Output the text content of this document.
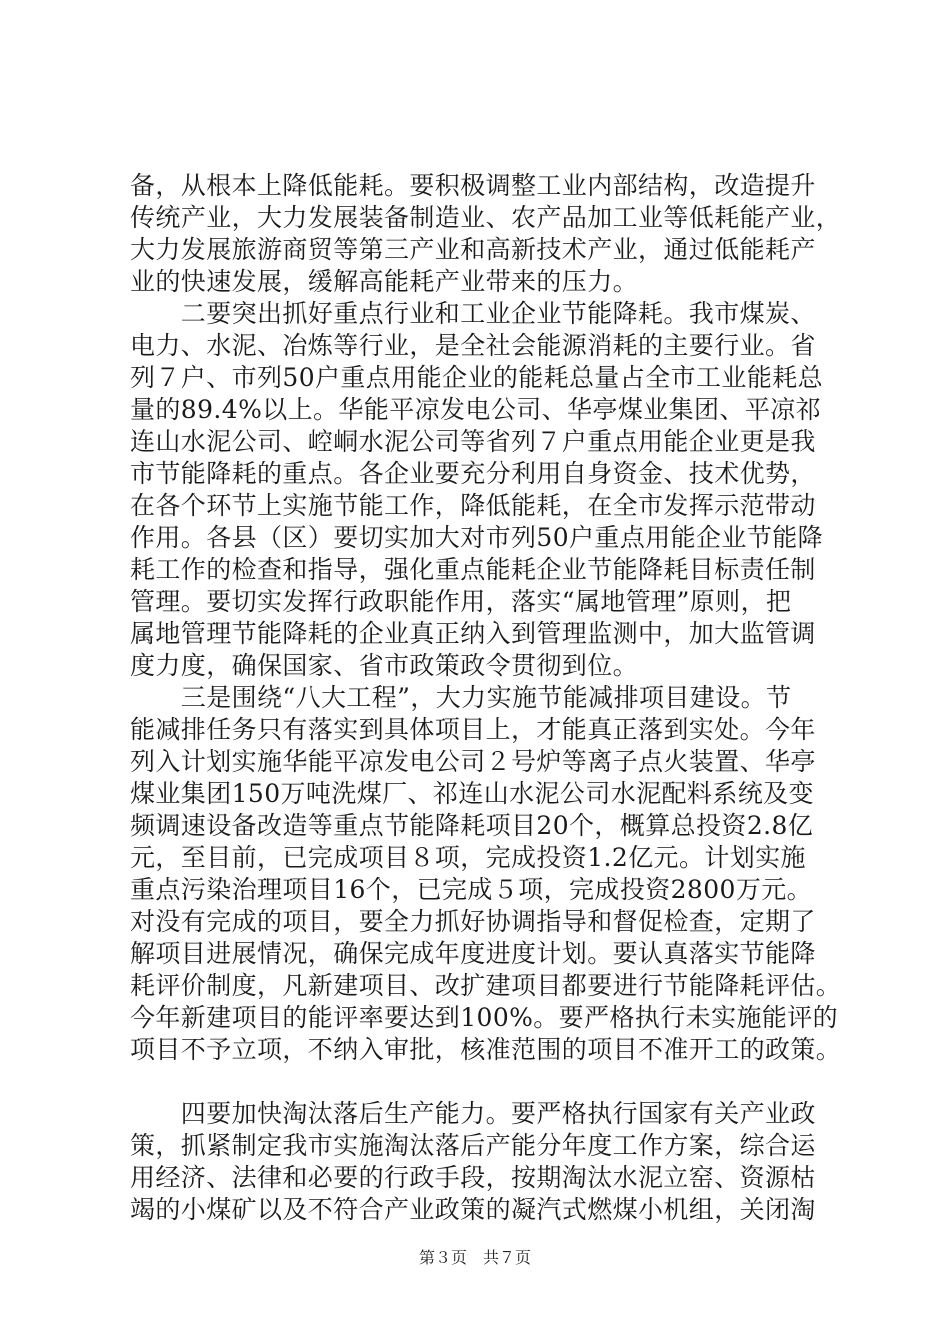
备，从根本上降低能耗。要积极调整工业内部结构，改造提升
传统产业，大力发展装备制造业、农产品加工业等低耗能产业，
大力发展旅游商贸等第三产业和高新技术产业，通过低能耗产
业的快速发展，缓解高能耗产业带来的压力。
　　二要突出抓好重点行业和工业企业节能降耗。我市煤炭、
电力、水泥、冶炼等行业，是全社会能源消耗的主要行业。省
列７户、市列50户重点用能企业的能耗总量占全市工业能耗总
量的89.4%以上。华能平凉发电公司、华亭煤业集团、平凉祁
连山水泥公司、崆峒水泥公司等省列７户重点用能企业更是我
市节能降耗的重点。各企业要充分利用自身资金、技术优势，
在各个环节上实施节能工作，降低能耗，在全市发挥示范带动
作用。各县（区）要切实加大对市列50户重点用能企业节能降
耗工作的检查和指导，强化重点能耗企业节能降耗目标责任制
管理。要切实发挥行政职能作用，落实“属地管理”原则，把
属地管理节能降耗的企业真正纳入到管理监测中，加大监管调
度力度，确保国家、省市政策政令贯彻到位。
　　三是围绕“八大工程”，大力实施节能减排项目建设。节
能减排任务只有落实到具体项目上，才能真正落到实处。今年
列入计划实施华能平凉发电公司２号炉等离子点火装置、华亭
煤业集团150万吨洗煤厂、祁连山水泥公司水泥配料系统及变
频调速设备改造等重点节能降耗项目20个，概算总投资2.8亿
元，至目前，已完成项目８项，完成投资1.2亿元。计划实施
重点污染治理项目16个，已完成５项，完成投资2800万元。
对没有完成的项目，要全力抓好协调指导和督促检查，定期了
解项目进展情况，确保完成年度进度计划。要认真落实节能降
耗评价制度，凡新建项目、改扩建项目都要进行节能降耗评估。
今年新建项目的能评率要达到100%。要严格执行未实施能评的
项目不予立项，不纳入审批，核准范围的项目不准开工的政策。
　　四要加快淘汰落后生产能力。要严格执行国家有关产业政
策，抓紧制定我市实施淘汰落后产能分年度工作方案，综合运
用经济、法律和必要的行政手段，按期淘汰水泥立窑、资源枯
竭的小煤矿以及不符合产业政策的凝汽式燃煤小机组，关闭淘
第３页　共７页
